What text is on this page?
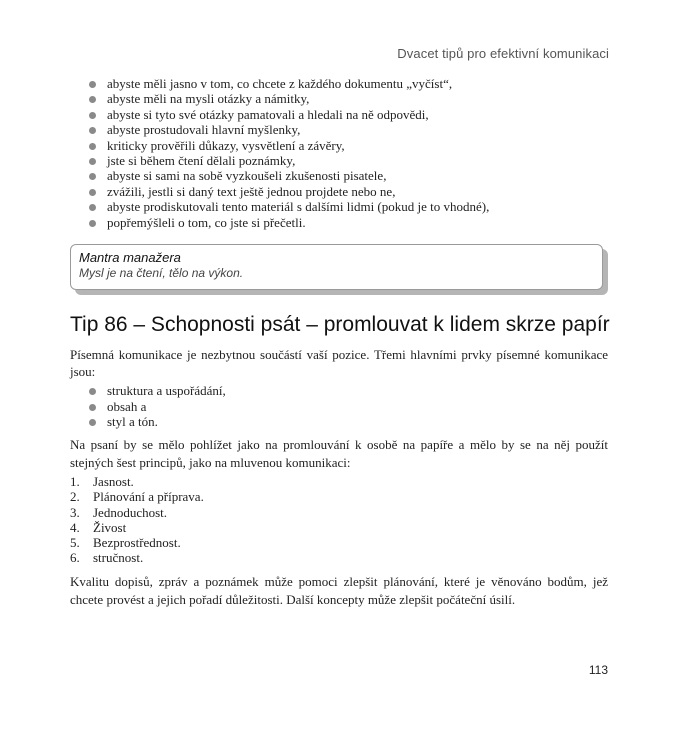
Dvacet tipů pro efektivní komunikaci
abyste měli jasno v tom, co chcete z každého dokumentu „vyčíst“,
abyste měli na mysli otázky a námitky,
abyste si tyto své otázky pamatovali a hledali na ně odpovědi,
abyste prostudovali hlavní myšlenky,
kriticky prověřili důkazy, vysvětlení a závěry,
jste si během čtení dělali poznámky,
abyste si sami na sobě vyzkoušeli zkušenosti pisatele,
zvážili, jestli si daný text ještě jednou projdete nebo ne,
abyste prodiskutovali tento materiál s dalšími lidmi (pokud je to vhodné),
popřemýšleli o tom, co jste si přečetli.
Mantra manažera
Mysl je na čtení, tělo na výkon.
Tip 86 – Schopnosti psát – promlouvat k lidem skrze papír

Písemná komunikace je nezbytnou součástí vaší pozice. Třemi hlavními prvky písemné komunikace jsou:

struktura a uspořádání,
obsah a
styl a tón.

Na psaní by se mělo pohlížet jako na promlouvání k osobě na papíře a mělo by se na něj použít stejných šest principů, jako na mluvenou komunikaci:

1. Jasnost.
2. Plánování a příprava.
3. Jednoduchost.
4. Živost
5. Bezprostřednost.
6. stručnost.

Kvalitu dopisů, zpráv a poznámek může pomoci zlepšit plánování, které je věnováno bodům, jež chcete provést a jejich pořadí důležitosti. Další koncepty může zlepšit počáteční úsilí.

113
